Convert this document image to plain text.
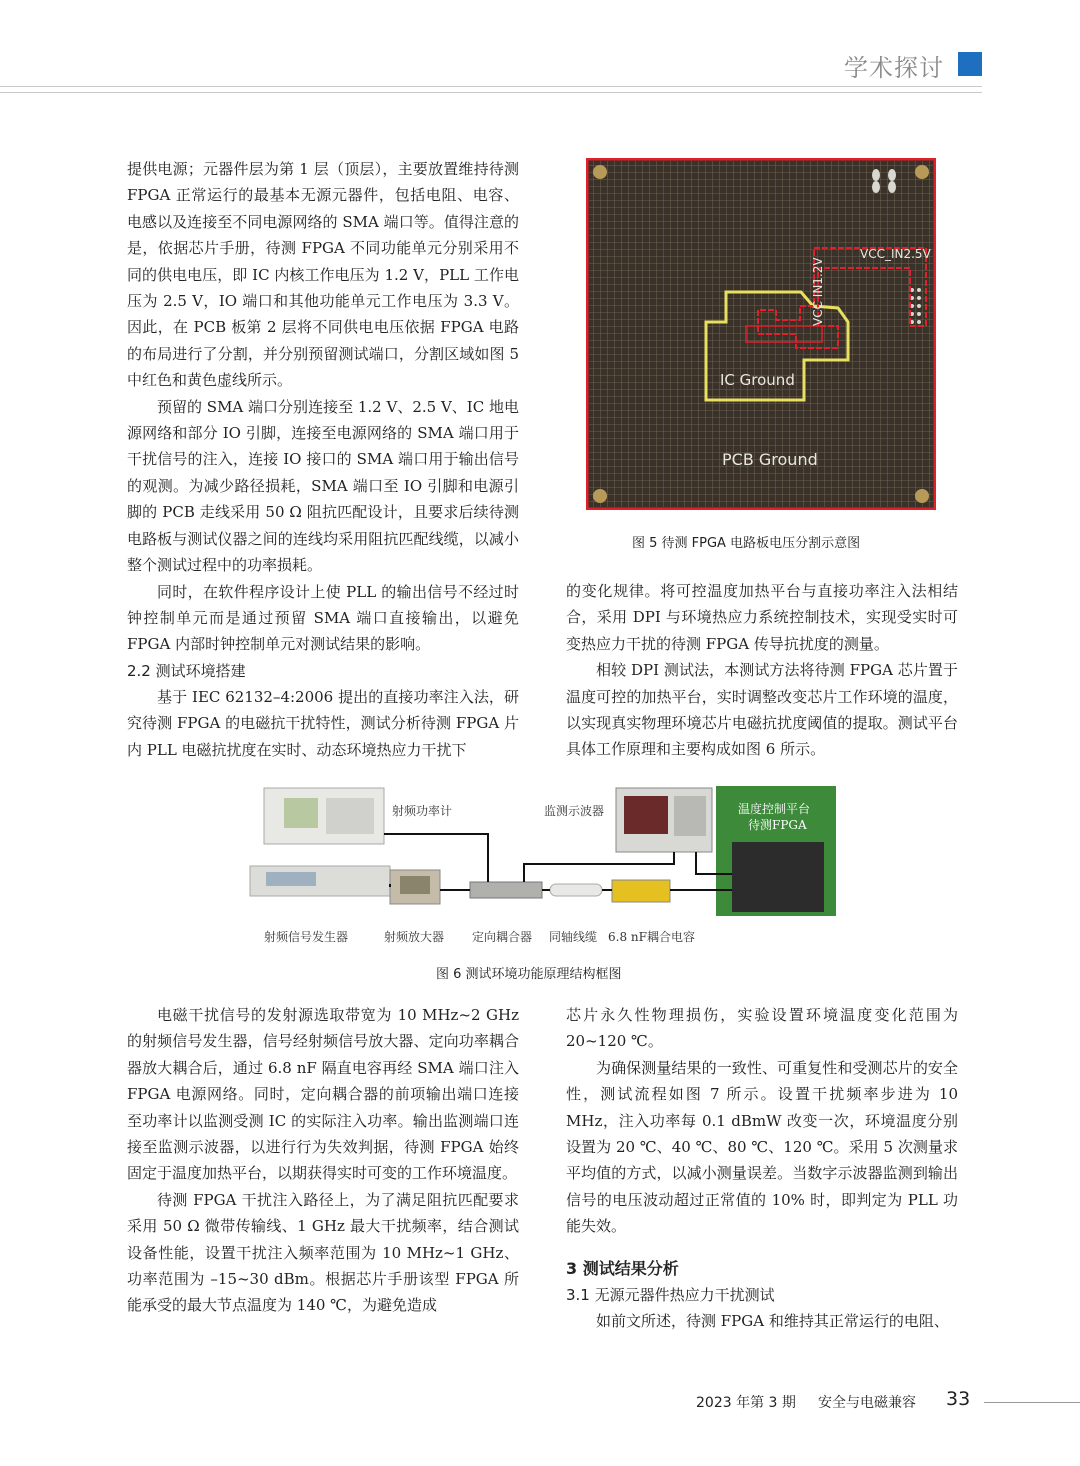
学术探讨

提供电源；元器件层为第 1 层（顶层），主要放置维持待测 FPGA 正常运行的最基本无源元器件，包括电阻、电容、电感以及连接至不同电源网络的 SMA 端口等。值得注意的是，依据芯片手册，待测 FPGA 不同功能单元分别采用不同的供电电压，即 IC 内核工作电压为 1.2 V，PLL 工作电压为 2.5 V，IO 端口和其他功能单元工作电压为 3.3 V。因此，在 PCB 板第 2 层将不同供电电压依据 FPGA 电路的布局进行了分割，并分别预留测试端口，分割区域如图 5 中红色和黄色虚线所示。

预留的 SMA 端口分别连接至 1.2 V、2.5 V、IC 地电源网络和部分 IO 引脚，连接至电源网络的 SMA 端口用于干扰信号的注入，连接 IO 接口的 SMA 端口用于输出信号的观测。为减少路径损耗，SMA 端口至 IO 引脚和电源引脚的 PCB 走线采用 50 Ω 阻抗匹配设计，且要求后续待测电路板与测试仪器之间的连线均采用阻抗匹配线缆，以减小整个测试过程中的功率损耗。

同时，在软件程序设计上使 PLL 的输出信号不经过时钟控制单元而是通过预留 SMA 端口直接输出，以避免 FPGA 内部时钟控制单元对测试结果的影响。

2.2 测试环境搭建

基于 IEC 62132–4:2006 提出的直接功率注入法，研究待测 FPGA 的电磁抗干扰特性，测试分析待测 FPGA 片内 PLL 电磁抗扰度在实时、动态环境热应力干扰下

VCC IN1.2V
VCC_IN2.5V
IC Ground
PCB Ground
图 5 待测 FPGA 电路板电压分割示意图

的变化规律。将可控温度加热平台与直接功率注入法相结合，采用 DPI 与环境热应力系统控制技术，实现受实时可变热应力干扰的待测 FPGA 传导抗扰度的测量。

相较 DPI 测试法，本测试方法将待测 FPGA 芯片置于温度可控的加热平台，实时调整改变芯片工作环境的温度，以实现真实物理环境芯片电磁抗扰度阈值的提取。测试平台具体工作原理和主要构成如图 6 所示。

射频功率计	监测示波器	温度控制平台
待测FPGA
射频信号发生器	射频放大器 定向耦合器 同轴线缆 6.8 nF耦合电容
图 6 测试环境功能原理结构框图

电磁干扰信号的发射源选取带宽为 10 MHz~2 GHz 的射频信号发生器，信号经射频信号放大器、定向功率耦合器放大耦合后，通过 6.8 nF 隔直电容再经 SMA 端口注入 FPGA 电源网络。同时，定向耦合器的前项输出端口连接至功率计以监测受测 IC 的实际注入功率。输出监测端口连接至监测示波器，以进行行为失效判据，待测 FPGA 始终固定于温度加热平台，以期获得实时可变的工作环境温度。

待测 FPGA 干扰注入路径上，为了满足阻抗匹配要求采用 50 Ω 微带传输线、1 GHz 最大干扰频率，结合测试设备性能，设置干扰注入频率范围为 10 MHz~1 GHz、功率范围为 –15~30 dBm。根据芯片手册该型 FPGA 所能承受的最大节点温度为 140 ℃，为避免造成

芯片永久性物理损伤，实验设置环境温度变化范围为 20~120 ℃。

为确保测量结果的一致性、可重复性和受测芯片的安全性，测试流程如图 7 所示。设置干扰频率步进为 10 MHz，注入功率每 0.1 dBmW 改变一次，环境温度分别设置为 20 ℃、40 ℃、80 ℃、120 ℃。采用 5 次测量求平均值的方式，以减小测量误差。当数字示波器监测到输出信号的电压波动超过正常值的 10% 时，即判定为 PLL 功能失效。

3 测试结果分析
3.1 无源元器件热应力干扰测试

如前文所述，待测 FPGA 和维持其正常运行的电阻、

2023 年第 3 期 安全与电磁兼容 33
